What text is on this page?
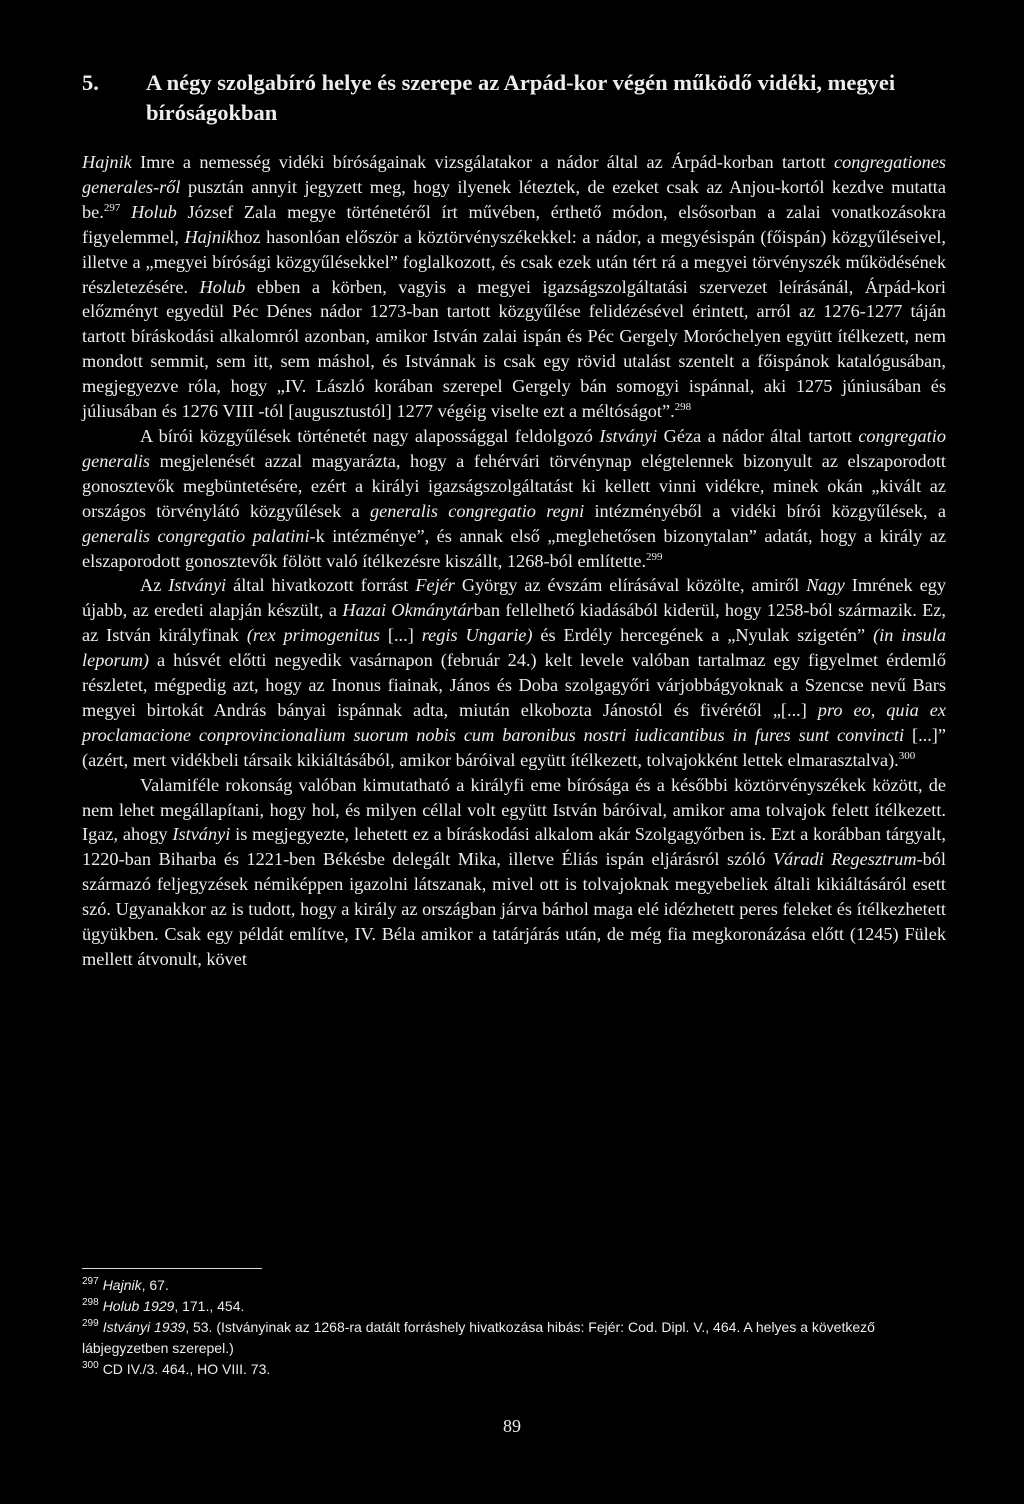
5.	A négy szolgabíró helye és szerepe az Arpád-kor végén működő vidéki, megyei bíróságokban

Hajnik Imre a nemesség vidéki bíróságainak vizsgálatakor a nádor által az Árpád-korban tartott congregationes generales-ről pusztán annyit jegyzett meg, hogy ilyenek léteztek, de ezeket csak az Anjou-kortól kezdve mutatta be.$^{297}$ Holub József Zala megye történetéről írt művében, érthető módon, elsősorban a zalai vonatkozásokra figyelemmel, Hajnikhoz hasonlóan először a köztörvényszékekkel: a nádor, a megyésispán (főispán) közgyűléseivel, illetve a „megyei bírósági közgyűlésekkel” foglalkozott, és csak ezek után tért rá a megyei törvényszék működésének részletezésére. Holub ebben a körben, vagyis a megyei igazságszolgáltatási szervezet leírásánál, Árpád-kori előzményt egyedül Péc Dénes nádor 1273-ban tartott közgyűlése felidézésével érintett, arról az 1276-1277 táján tartott bíráskodási alkalomról azonban, amikor István zalai ispán és Péc Gergely Moróchelyen együtt ítélkezett, nem mondott semmit, sem itt, sem máshol, és Istvánnak is csak egy rövid utalást szentelt a főispánok katalógusában, megjegyezve róla, hogy „IV. László korában szerepel Gergely bán somogyi ispánnal, aki 1275 júniusában és júliusában és 1276 VIII -tól [augusztustól] 1277 végéig viselte ezt a méltóságot”.$^{298}$

A bírói közgyűlések történetét nagy alapossággal feldolgozó Istványi Géza a nádor által tartott congregatio generalis megjelenését azzal magyarázta, hogy a fehérvári törvénynap elégtelennek bizonyult az elszaporodott gonosztevők megbüntetésére, ezért a királyi igazságszolgáltatást ki kellett vinni vidékre, minek okán „kivált az országos törvénylátó közgyűlések a generalis congregatio regni intézményéből a vidéki bírói közgyűlések, a generalis congregatio palatini-k intézménye”, és annak első „meglehetősen bizonytalan” adatát, hogy a király az elszaporodott gonosztevők fölött való ítélkezésre kiszállt, 1268-ból említette.$^{299}$

Az Istványi által hivatkozott forrást Fejér György az évszám elírásával közölte, amiről Nagy Imrének egy újabb, az eredeti alapján készült, a Hazai Okmánytárban fellelhető kiadásából kiderül, hogy 1258-ból származik. Ez, az István királyfinak (rex primogenitus [...] regis Ungarie) és Erdély hercegének a „Nyulak szigetén” (in insula leporum) a húsvét előtti negyedik vasárnapon (február 24.) kelt levele valóban tartalmaz egy figyelmet érdemlő részletet, mégpedig azt, hogy az Inonus fiainak, János és Doba szolgagyőri várjobbágyoknak a Szencse nevű Bars megyei birtokát András bányai ispánnak adta, miután elkobozta Jánostól és fivérétől „[...] pro eo, quia ex proclamacione conprovincionalium suorum nobis cum baronibus nostri iudicantibus in fures sunt convincti [...]” (azért, mert vidékbeli társaik kikiáltásából, amikor báróival együtt ítélkezett, tolvajokként lettek elmarasztalva).$^{300}$

Valamiféle rokonság valóban kimutatható a királyfi eme bírósága és a későbbi köztörvényszékek között, de nem lehet megállapítani, hogy hol, és milyen céllal volt együtt István báróival, amikor ama tolvajok felett ítélkezett. Igaz, ahogy Istványi is megjegyezte, lehetett ez a bíráskodási alkalom akár Szolgagyőrben is. Ezt a korábban tárgyalt, 1220-ban Biharba és 1221-ben Békésbe delegált Mika, illetve Éliás ispán eljárásról szóló Váradi Regesztrum-ból származó feljegyzések némiképpen igazolni látszanak, mivel ott is tolvajoknak megyebeliek általi kikiáltásáról esett szó. Ugyanakkor az is tudott, hogy a király az országban járva bárhol maga elé idézhetett peres feleket és ítélkezhetett ügyükben. Csak egy példát említve, IV. Béla amikor a tatárjárás után, de még fia megkoronázása előtt (1245) Fülek mellett átvonult, követ

$^{297}$ Hajnik, 67.

$^{298}$ Holub 1929, 171., 454.

$^{299}$ Istványi 1939, 53. (Istványinak az 1268-ra datált forráshely hivatkozása hibás: Fejér: Cod. Dipl. V., 464. A helyes a következő lábjegyzetben szerepel.)

$^{300}$ CD IV./3. 464., HO VIII. 73.

89
